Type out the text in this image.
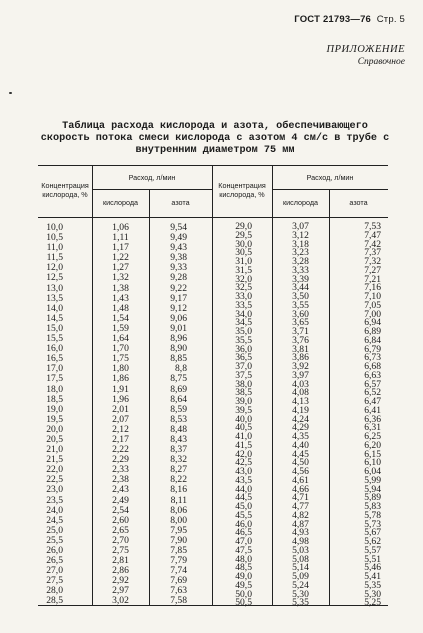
ГОСТ 21793—76 Стр. 5
ПРИЛОЖЕНИЕ
Справочное
Таблица расхода кислорода и азота, обеспечивающего
скорость потока смеси кислорода с азотом 4 см/с в трубе с
внутренним диаметром 75 мм
Концентрация кислорода, %
Расход, л/мин
кислорода	азота
Концентрация кислорода, %
Расход, л/мин
кислорода	азота
10,0
10,5
11,0
11,5
12,0
12,5
13,0
13,5
14,0
14,5
15,0
15,5
16,0
16,5
17,0
17,5
18,0
18,5
19,0
19,5
20,0
20,5
21,0
21,5
22,0
22,5
23,0
23,5
24,0
24,5
25,0
25,5
26,0
26,5
27,0
27,5
28,0
28,5
1,06
1,11
1,17
1,22
1,27
1,32
1,38
1,43
1,48
1,54
1,59
1,64
1,70
1,75
1,80
1,86
1,91
1,96
2,01
2,07
2,12
2,17
2,22
2,29
2,33
2,38
2,43
2,49
2,54
2,60
2,65
2,70
2,75
2,81
2,86
2,92
2,97
3,02
9,54
9,49
9,43
9,38
9,33
9,28
9,22
9,17
9,12
9,06
9,01
8,96
8,90
8,85
8,8
8,75
8,69
8,64
8,59
8,53
8,48
8,43
8,37
8,32
8,27
8,22
8,16
8,11
8,06
8,00
7,95
7,90
7,85
7,79
7,74
7,69
7,63
7,58
29,0
29,5
30,0
30,5
31,0
31,5
32,0
32,5
33,0
33,5
34,0
34,5
35,0
35,5
36,0
36,5
37,0
37,5
38,0
38,5
39,0
39,5
40,0
40,5
41,0
41,5
42,0
42,5
43,0
43,5
44,0
44,5
45,0
45,5
46,0
46,5
47,0
47,5
48,0
48,5
49,0
49,5
50,0
50,5
3,07
3,12
3,18
3,23
3,28
3,33
3,39
3,44
3,50
3,55
3,60
3,65
3,71
3,76
3,81
3,86
3,92
3,97
4,03
4,08
4,13
4,19
4,24
4,29
4,35
4,40
4,45
4,50
4,56
4,61
4,66
4,71
4,77
4,82
4,87
4,93
4,98
5,03
5,08
5,14
5,09
5,24
5,30
5,35
7,53
7,47
7,42
7,37
7,32
7,27
7,21
7,16
7,10
7,05
7,00
6,94
6,89
6,84
6,79
6,73
6,68
6,63
6,57
6,52
6,47
6,41
6,36
6,31
6,25
6,20
6,15
6,10
6,04
5,99
5,94
5,89
5,83
5,78
5,73
5,67
5,62
5,57
5,51
5,46
5,41
5,35
5,30
5,25
